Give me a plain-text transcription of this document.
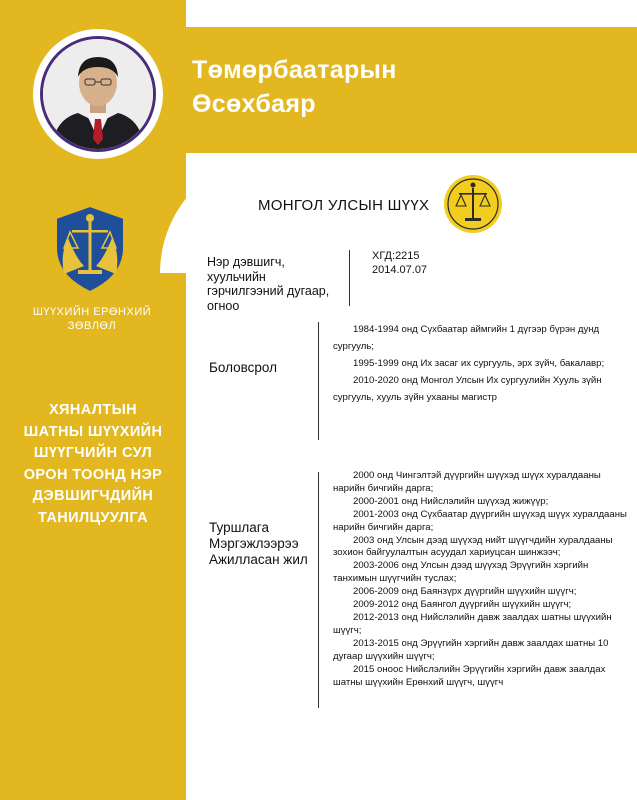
Төмөрбаатарын
Өсөхбаяр
ШҮҮХИЙН ЕРӨНХИЙ ЗӨВЛӨЛ
ХЯНАЛТЫН
ШАТНЫ ШҮҮХИЙН
ШҮҮГЧИЙН СУЛ
ОРОН ТООНД НЭР
ДЭВШИГЧДИЙН
ТАНИЛЦУУЛГА
МОНГОЛ УЛСЫН ШҮҮХ
Нэр дэвшигч, хуульчийн гэрчилгээний дугаар, огноо
ХГД:2215
2014.07.07
Боловсрол

1984-1994 онд Сүхбаатар аймгийн 1 дүгээр бүрэн дунд сургууль;

1995-1999 онд Их засаг их сургууль, эрх зүйч, бакалавр;

2010-2020 онд Монгол Улсын Их сургуулийн Хууль зүйн сургууль, хууль зүйн ухааны магистр

Туршлага Мэргэжлээрээ Ажилласан жил

2000 онд Чингэлтэй дүүргийн шүүхэд шүүх хуралдааны нарийн бичгийн дарга;

2000-2001 онд Нийслэлийн шүүхэд жижүүр;

2001-2003 онд Сүхбаатар дүүргийн шүүхэд шүүх хуралдааны нарийн бичгийн дарга;

2003 онд Улсын дээд шүүхэд нийт шүүгчдийн хуралдааны зохион байгуулалтын асуудал хариуцсан шинжээч;

2003-2006 онд Улсын дээд шүүхэд Эрүүгийн хэргийн танхимын шүүгчийн туслах;

2006-2009 онд Баянзүрх дүүргийн шүүхийн шүүгч;

2009-2012 онд Баянгол дүүргийн шүүхийн шүүгч;

2012-2013 онд Нийслэлийн давж заалдах шатны шүүхийн шүүгч;

2013-2015 онд Эрүүгийн хэргийн давж заалдах шатны 10 дугаар шүүхийн шүүгч;

2015 оноос Нийслэлийн Эрүүгийн хэргийн давж заалдах шатны шүүхийн Ерөнхий шүүгч, шүүгч
